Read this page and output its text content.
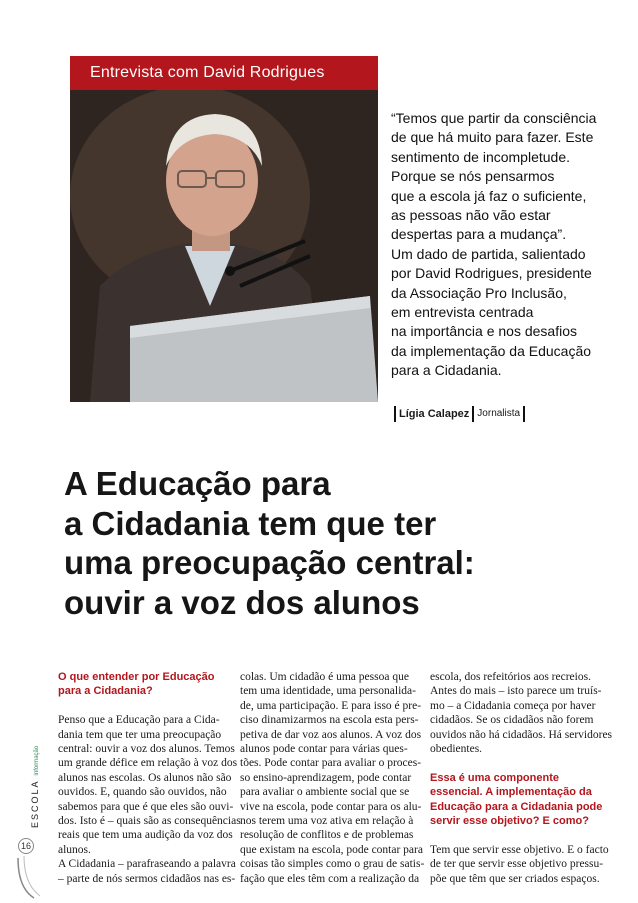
Entrevista com David Rodrigues
“Temos que partir da consciência
de que há muito para fazer. Este
sentimento de incompletude.
Porque se nós pensarmos
que a escola já faz o suficiente,
as pessoas não vão estar
despertas para a mudança”.
Um dado de partida, salientado
por David Rodrigues, presidente
da Associação Pro Inclusão,
em entrevista centrada
na importância e nos desafios
da implementação da Educação
para a Cidadania.
Lígia Calapez Jornalista
A Educação para
a Cidadania tem que ter
uma preocupação central:
ouvir a voz dos alunos
O que entender por Educação
para a Cidadania?
Penso que a Educação para a Cida-
dania tem que ter uma preocupação
central: ouvir a voz dos alunos. Temos
um grande défice em relação à voz dos
alunos nas escolas. Os alunos não são
ouvidos. E, quando são ouvidos, não
sabemos para que é que eles são ouvi-
dos. Isto é – quais são as consequências
reais que tem uma audição da voz dos
alunos.
A Cidadania – parafraseando a palavra
– parte de nós sermos cidadãos nas es-
colas. Um cidadão é uma pessoa que
tem uma identidade, uma personalida-
de, uma participação. E para isso é pre-
ciso dinamizarmos na escola esta pers-
petiva de dar voz aos alunos. A voz dos
alunos pode contar para várias ques-
tões. Pode contar para avaliar o proces-
so ensino-aprendizagem, pode contar
para avaliar o ambiente social que se
vive na escola, pode contar para os alu-
nos terem uma voz ativa em relação à
resolução de conflitos e de problemas
que existam na escola, pode contar para
coisas tão simples como o grau de satis-
fação que eles têm com a realização da
escola, dos refeitórios aos recreios.
Antes do mais – isto parece um truís-
mo – a Cidadania começa por haver
cidadãos. Se os cidadãos não forem
ouvidos não há cidadãos. Há servidores
obedientes.
Essa é uma componente
essencial. A implementação da
Educação para a Cidadania pode
servir esse objetivo? E como?
Tem que servir esse objetivo. E o facto
de ter que servir esse objetivo pressu-
põe que têm que ser criados espaços.
ESCOLA informação
16
